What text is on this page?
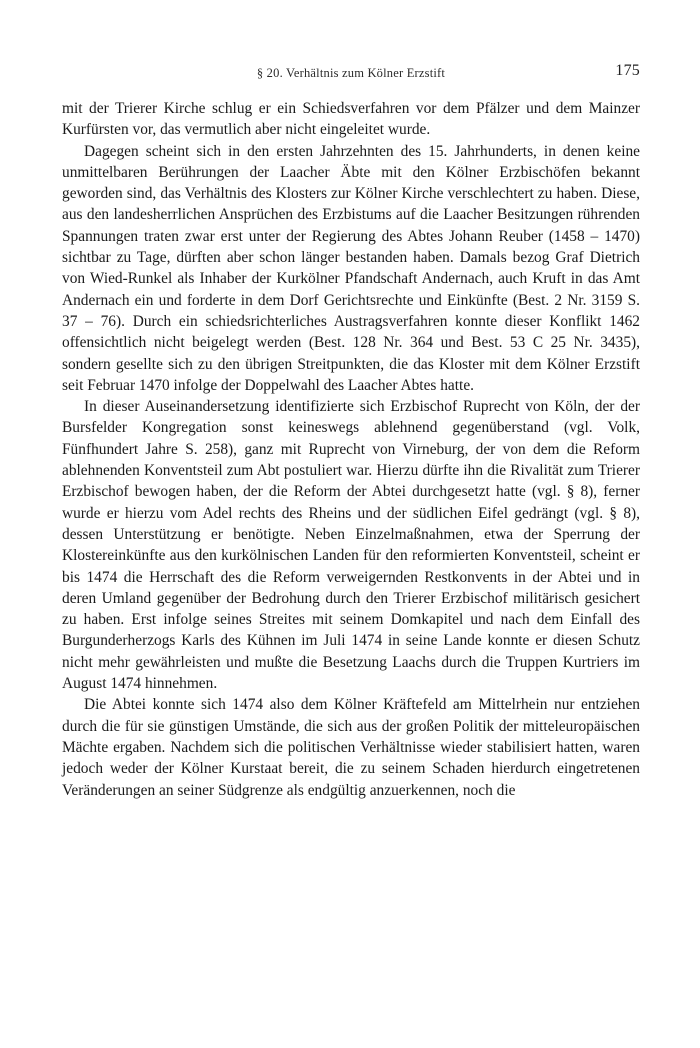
§ 20. Verhältnis zum Kölner Erzstift	175

mit der Trierer Kirche schlug er ein Schiedsverfahren vor dem Pfälzer und dem Mainzer Kurfürsten vor, das vermutlich aber nicht eingeleitet wurde.

Dagegen scheint sich in den ersten Jahrzehnten des 15. Jahrhunderts, in denen keine unmittelbaren Berührungen der Laacher Äbte mit den Kölner Erzbischöfen bekannt geworden sind, das Verhältnis des Klosters zur Kölner Kirche verschlechtert zu haben. Diese, aus den landesherrlichen Ansprüchen des Erzbistums auf die Laacher Besitzungen rührenden Spannungen traten zwar erst unter der Regierung des Abtes Johann Reuber (1458 – 1470) sichtbar zu Tage, dürften aber schon länger bestanden haben. Damals bezog Graf Dietrich von Wied-Runkel als Inhaber der Kurkölner Pfandschaft Andernach, auch Kruft in das Amt Andernach ein und forderte in dem Dorf Gerichtsrechte und Einkünfte (Best. 2 Nr. 3159 S. 37 – 76). Durch ein schiedsrichterliches Austragsverfahren konnte dieser Konflikt 1462 offensichtlich nicht beigelegt werden (Best. 128 Nr. 364 und Best. 53 C 25 Nr. 3435), sondern gesellte sich zu den übrigen Streitpunkten, die das Kloster mit dem Kölner Erzstift seit Februar 1470 infolge der Doppelwahl des Laacher Abtes hatte.

In dieser Auseinandersetzung identifizierte sich Erzbischof Ruprecht von Köln, der der Bursfelder Kongregation sonst keineswegs ablehnend gegenüberstand (vgl. Volk, Fünfhundert Jahre S. 258), ganz mit Ruprecht von Virneburg, der von dem die Reform ablehnenden Konventsteil zum Abt postuliert war. Hierzu dürfte ihn die Rivalität zum Trierer Erzbischof bewogen haben, der die Reform der Abtei durchgesetzt hatte (vgl. § 8), ferner wurde er hierzu vom Adel rechts des Rheins und der südlichen Eifel gedrängt (vgl. § 8), dessen Unterstützung er benötigte. Neben Einzelmaßnahmen, etwa der Sperrung der Klostereinkünfte aus den kurkölnischen Landen für den reformierten Konventsteil, scheint er bis 1474 die Herrschaft des die Reform verweigernden Restkonvents in der Abtei und in deren Umland gegenüber der Bedrohung durch den Trierer Erzbischof militärisch gesichert zu haben. Erst infolge seines Streites mit seinem Domkapitel und nach dem Einfall des Burgunderherzogs Karls des Kühnen im Juli 1474 in seine Lande konnte er diesen Schutz nicht mehr gewährleisten und mußte die Besetzung Laachs durch die Truppen Kurtriers im August 1474 hinnehmen.

Die Abtei konnte sich 1474 also dem Kölner Kräftefeld am Mittelrhein nur entziehen durch die für sie günstigen Umstände, die sich aus der großen Politik der mitteleuropäischen Mächte ergaben. Nachdem sich die politischen Verhältnisse wieder stabilisiert hatten, waren jedoch weder der Kölner Kurstaat bereit, die zu seinem Schaden hierdurch eingetretenen Veränderungen an seiner Südgrenze als endgültig anzuerkennen, noch die
